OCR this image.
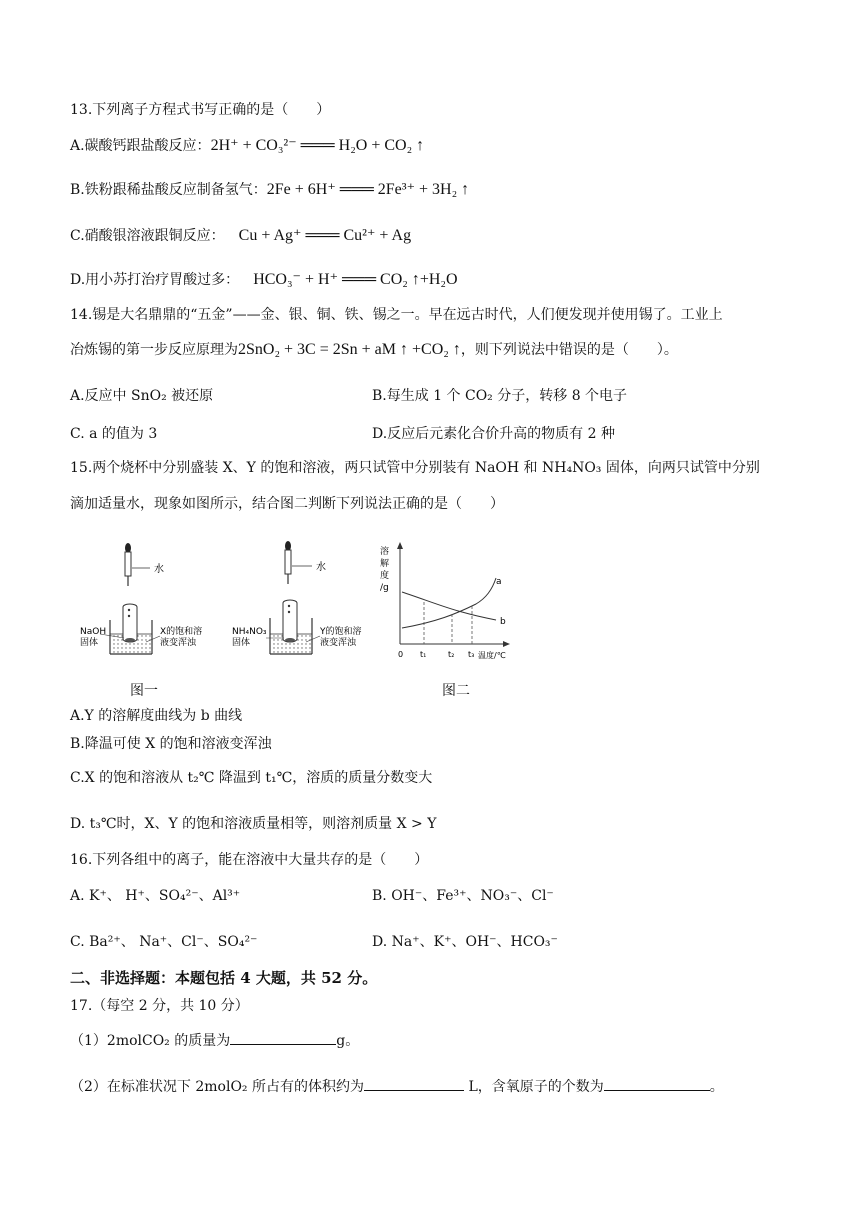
13.下列离子方程式书写正确的是（　　）
A.碳酸钙跟盐酸反应：2H⁺ + CO₃²⁻ ═══ H₂O + CO₂ ↑
B.铁粉跟稀盐酸反应制备氢气：2Fe + 6H⁺ ═══ 2Fe³⁺ + 3H₂ ↑
C.硝酸银溶液跟铜反应： Cu + Ag⁺ ═══ Cu²⁺ + Ag
D.用小苏打治疗胃酸过多： HCO₃⁻ + H⁺ ═══ CO₂ ↑+H₂O
14.锡是大名鼎鼎的“五金”——金、银、铜、铁、锡之一。早在远古时代，人们便发现并使用锡了。工业上
冶炼锡的第一步反应原理为2SnO₂ + 3C = 2Sn + aM ↑ +CO₂ ↑，则下列说法中错误的是（　　）。
A.反应中 SnO₂ 被还原	B.每生成 1 个 CO₂ 分子，转移 8 个电子
C. a 的值为 3	D.反应后元素化合价升高的物质有 2 种
15.两个烧杯中分别盛装 X、Y 的饱和溶液，两只试管中分别装有 NaOH 和 NH₄NO₃ 固体，向两只试管中分别
滴加适量水，现象如图所示，结合图二判断下列说法正确的是（　　）
水
NaOH
固体
X的饱和溶
液变浑浊
水
NH₄NO₃
固体
Y的饱和溶
液变浑浊
图一
溶
解
度
/g
0
a
b
t₁	t₂ t₃ 温度/℃
图二
A.Y 的溶解度曲线为 b 曲线
B.降温可使 X 的饱和溶液变浑浊
C.X 的饱和溶液从 t₂℃ 降温到 t₁℃，溶质的质量分数变大
D. t₃℃时，X、Y 的饱和溶液质量相等，则溶剂质量 X > Y
16.下列各组中的离子，能在溶液中大量共存的是（　　）
A. K⁺、 H⁺、SO₄²⁻、Al³⁺	B. OH⁻、Fe³⁺、NO₃⁻、Cl⁻
C. Ba²⁺、 Na⁺、Cl⁻、SO₄²⁻	D. Na⁺、K⁺、OH⁻、HCO₃⁻
二、非选择题：本题包括 4 大题，共 52 分。
17.（每空 2 分，共 10 分）
（1）2molCO₂ 的质量为	g。
（2）在标准状况下 2molO₂ 所占有的体积约为	L，含氧原子的个数为	。
